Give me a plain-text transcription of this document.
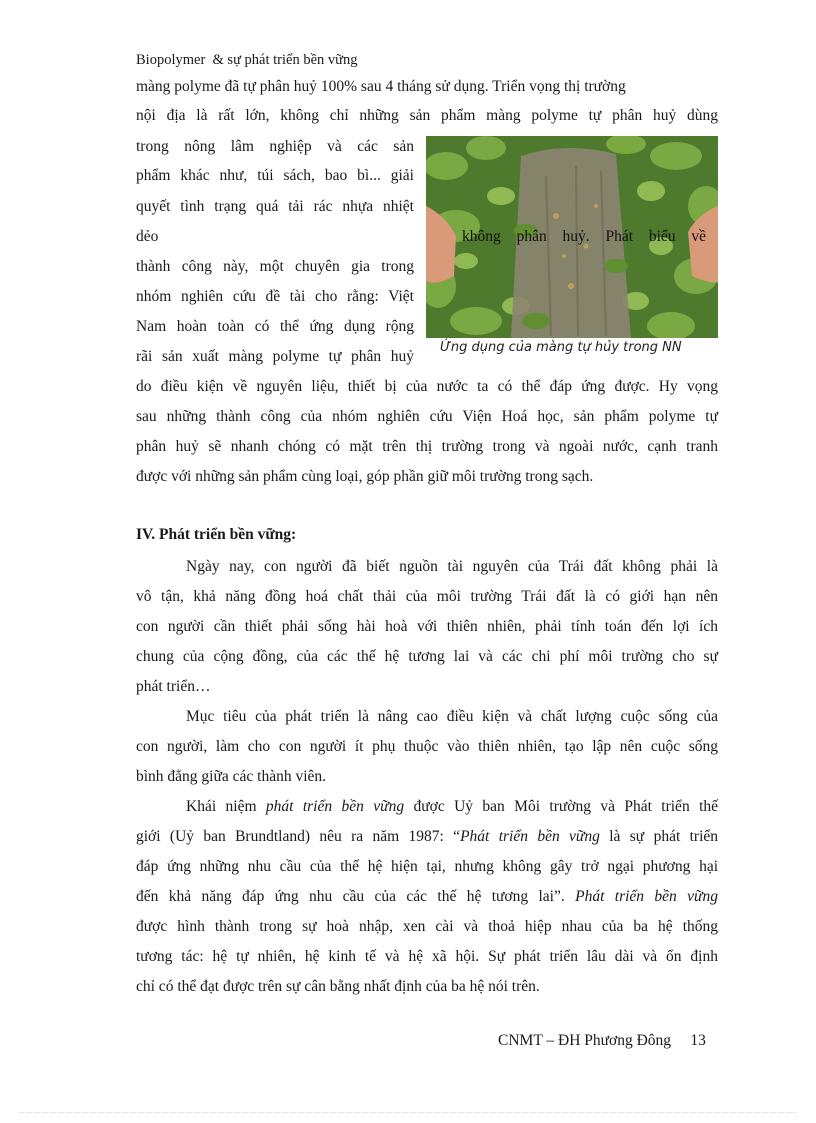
Biopolymer  & sự phát triển bền vững
màng polyme đã tự phân huỷ 100% sau 4 tháng sử dụng. Triển vọng thị trường
nội địa là rất lớn, không chỉ những sản phẩm màng polyme tự phân huỷ dùng
trong nông lâm nghiệp và các sản
phẩm khác như, túi sách, bao bì... giải
quyết tình trạng quá tải rác nhựa nhiệt
dẻo
thành công này, một chuyên gia trong
nhóm nghiên cứu đề tài cho rằng: Việt
Nam hoàn toàn có thể ứng dụng rộng
rãi sản xuất màng polyme tự phân huỷ
không phân huỷ. Phát biểu về
Ứng dụng của màng tự hủy trong NN
do điều kiện về nguyên liệu, thiết bị của nước ta có thể đáp ứng được. Hy vọng
sau những thành công của nhóm nghiên cứu Viện Hoá học, sản phẩm polyme tự
phân huỷ sẽ nhanh chóng có mặt trên thị trường trong và ngoài nước, cạnh tranh
được với những sản phẩm cùng loại, góp phần giữ môi trường trong sạch.
IV. Phát triển bền vững:
Ngày nay, con người đã biết nguồn tài nguyên của Trái đất không phải là
vô tận, khả năng đồng hoá chất thải của môi trường Trái đất là có giới hạn nên
con người cần thiết phải sống hài hoà với thiên nhiên, phải tính toán đến lợi ích
chung của cộng đồng, của các thế hệ tương lai và các chi phí môi trường cho sự
phát triển…
Mục tiêu của phát triển là nâng cao điều kiện và chất lượng cuộc sống của
con người, làm cho con người ít phụ thuộc vào thiên nhiên, tạo lập nên cuộc sống
bình đẳng giữa các thành viên.
Khái niệm phát triển bền vững được Uỷ ban Môi trường và Phát triển thế
giới (Uỷ ban Brundtland) nêu ra năm 1987: “Phát triển bền vững là sự phát triển
đáp ứng những nhu cầu của thế hệ hiện tại, nhưng không gây trở ngại phương hại
đến khả năng đáp ứng nhu cầu của các thế hệ tương lai”. Phát triển bền vững
được hình thành trong sự hoà nhập, xen cài và thoả hiệp nhau của ba hệ thống
tương tác: hệ tự nhiên, hệ kinh tế và hệ xã hội. Sự phát triển lâu dài và ổn định
chỉ có thể đạt được trên sự cân bằng nhất định của ba hệ nói trên.
CNMT – ĐH Phương Đông     13
